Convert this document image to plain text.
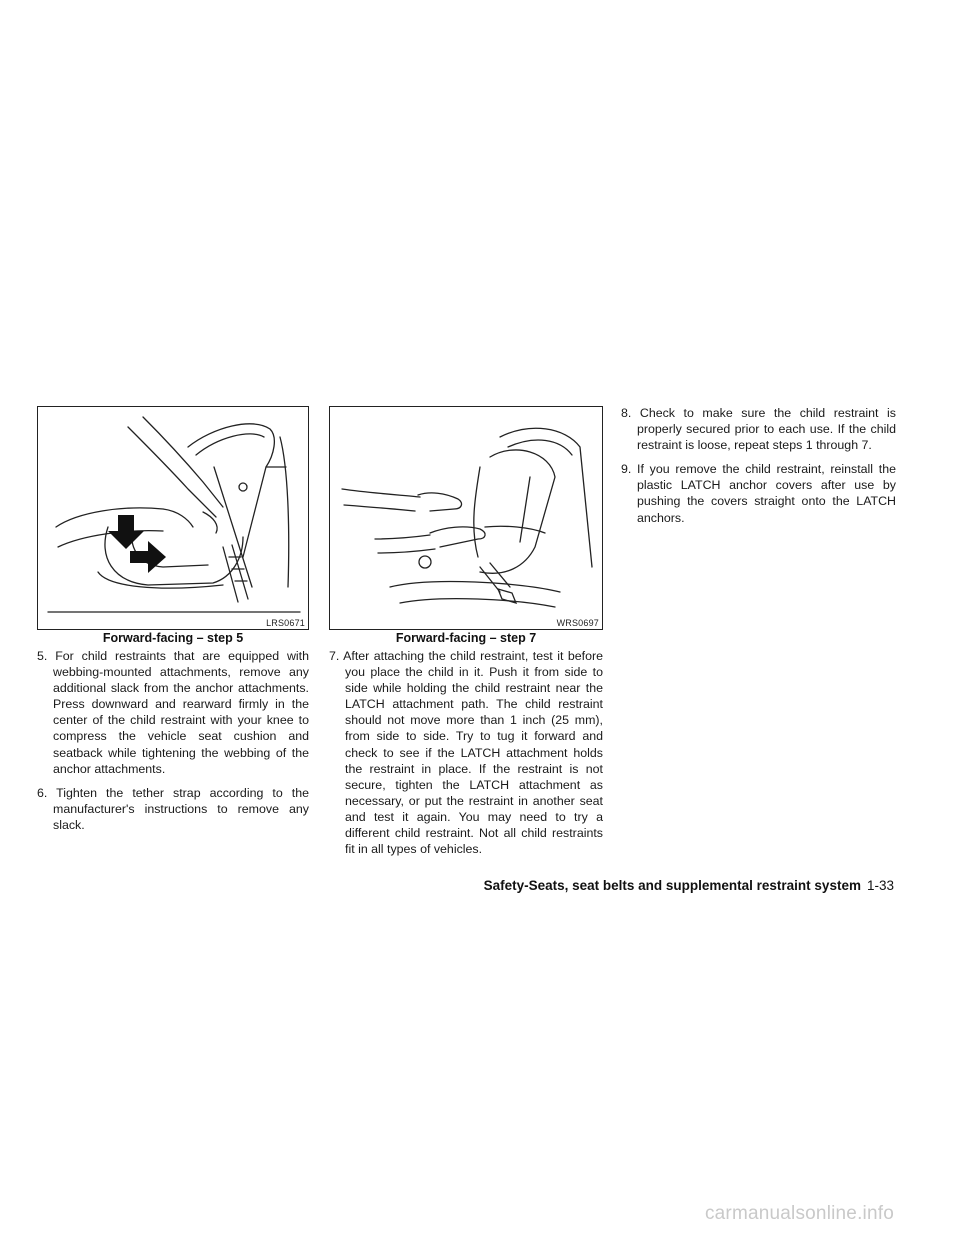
LRS0671
Forward-facing – step 5
WRS0697
Forward-facing – step 7

5. For child restraints that are equipped with webbing-mounted attachments, remove any additional slack from the anchor attachments. Press downward and rearward firmly in the center of the child restraint with your knee to compress the vehicle seat cushion and seatback while tightening the webbing of the anchor attachments.

6. Tighten the tether strap according to the manufacturer's instructions to remove any slack.

7. After attaching the child restraint, test it before you place the child in it. Push it from side to side while holding the child restraint near the LATCH attachment path. The child restraint should not move more than 1 inch (25 mm), from side to side. Try to tug it forward and check to see if the LATCH attachment holds the restraint in place. If the restraint is not secure, tighten the LATCH attachment as necessary, or put the restraint in another seat and test it again. You may need to try a different child restraint. Not all child restraints fit in all types of vehicles.

8. Check to make sure the child restraint is properly secured prior to each use. If the child restraint is loose, repeat steps 1 through 7.

9. If you remove the child restraint, reinstall the plastic LATCH anchor covers after use by pushing the covers straight onto the LATCH anchors.

Safety-Seats, seat belts and supplemental restraint system 1-33
carmanualsonline.info
